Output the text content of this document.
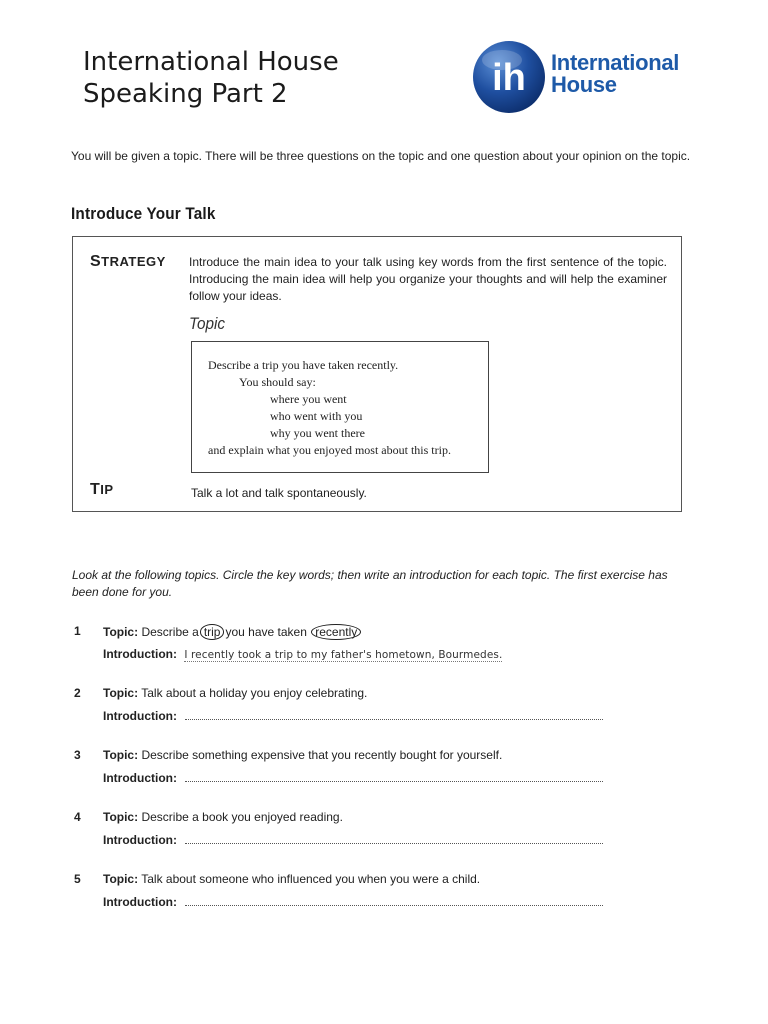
International House
Speaking Part 2	ih International
House
You will be given a topic. There will be three questions on the topic and one question about your opinion on the topic.
Introduce Your Talk
STRATEGY Introduce the main idea to your talk using key words from the first sentence of the topic. Introducing the main idea will help you organize your thoughts and will help the examiner follow your ideas.
Topic
Describe a trip you have taken recently.
You should say:
where you went
who went with you
why you went there
and explain what you enjoyed most about this trip.
TIP	Talk a lot and talk spontaneously.
Look at the following topics. Circle the key words; then write an introduction for each topic. The first exercise has been done for you.
1 Topic: Describe a trip you have taken recently
Introduction: I recently took a trip to my father's hometown, Bourmedes.
2 Topic: Talk about a holiday you enjoy celebrating.
Introduction:
3 Topic: Describe something expensive that you recently bought for yourself.
Introduction:
4 Topic: Describe a book you enjoyed reading.
Introduction:
5 Topic: Talk about someone who influenced you when you were a child.
Introduction:
